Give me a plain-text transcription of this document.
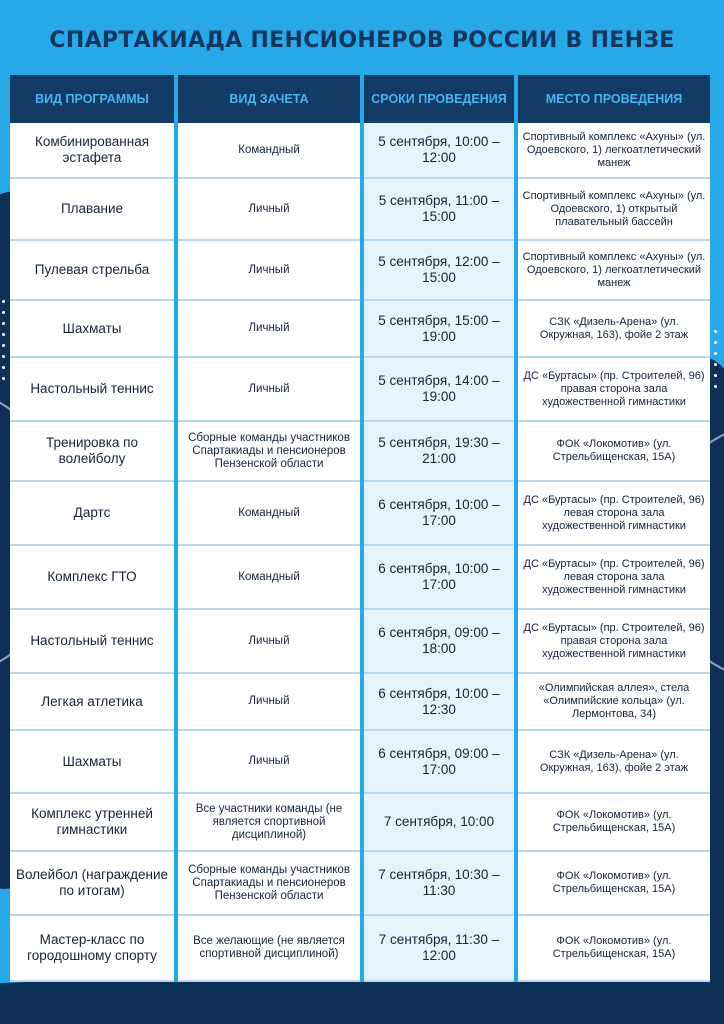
СПАРТАКИАДА ПЕНСИОНЕРОВ РОССИИ В ПЕНЗЕ
ВИД ПРОГРАММЫ	ВИД ЗАЧЕТА	СРОКИ ПРОВЕДЕНИЯ	МЕСТО ПРОВЕДЕНИЯ
Комбинированная эстафета	Командный	5 сентября, 10:00 – 12:00	Спортивный комплекс «Ахуны» (ул. Одоевского, 1) легкоатлетический манеж
Плавание	Личный	5 сентября, 11:00 – 15:00	Спортивный комплекс «Ахуны» (ул. Одоевского, 1) открытый плавательный бассейн
Пулевая стрельба	Личный	5 сентября, 12:00 – 15:00	Спортивный комплекс «Ахуны» (ул. Одоевского, 1) легкоатлетический манеж
Шахматы	Личный	5 сентября, 15:00 – 19:00	СЗК «Дизель-Арена» (ул. Окружная, 163), фойе 2 этаж
Настольный теннис	Личный	5 сентября, 14:00 – 19:00	ДС «Буртасы» (пр. Строителей, 96) правая сторона зала художественной гимнастики
Тренировка по волейболу	Сборные команды участников Спартакиады и пенсионеров Пензенской области	5 сентября, 19:30 – 21:00	ФОК «Локомотив» (ул. Стрельбищенская, 15А)
Дартс	Командный	6 сентября, 10:00 – 17:00	ДС «Буртасы» (пр. Строителей, 96) левая сторона зала художественной гимнастики
Комплекс ГТО	Командный	6 сентября, 10:00 – 17:00	ДС «Буртасы» (пр. Строителей, 96) левая сторона зала художественной гимнастики
Настольный теннис	Личный	6 сентября, 09:00 – 18:00	ДС «Буртасы» (пр. Строителей, 96) правая сторона зала художественной гимнастики
Легкая атлетика	Личный	6 сентября, 10:00 – 12:30	«Олимпийская аллея», стела «Олимпийские кольца» (ул. Лермонтова, 34)
Шахматы	Личный	6 сентября, 09:00 – 17:00	СЗК «Дизель-Арена» (ул. Окружная, 163), фойе 2 этаж
Комплекс утренней гимнастики	Все участники команды (не является спортивной дисциплиной)	7 сентября, 10:00	ФОК «Локомотив» (ул. Стрельбищенская, 15А)
Волейбол (награждение по итогам)	Сборные команды участников Спартакиады и пенсионеров Пензенской области	7 сентября, 10:30 – 11:30	ФОК «Локомотив» (ул. Стрельбищенская, 15А)
Мастер-класс по городошному спорту	Все желающие (не является спортивной дисциплиной)	7 сентября, 11:30 – 12:00	ФОК «Локомотив» (ул. Стрельбищенская, 15А)
